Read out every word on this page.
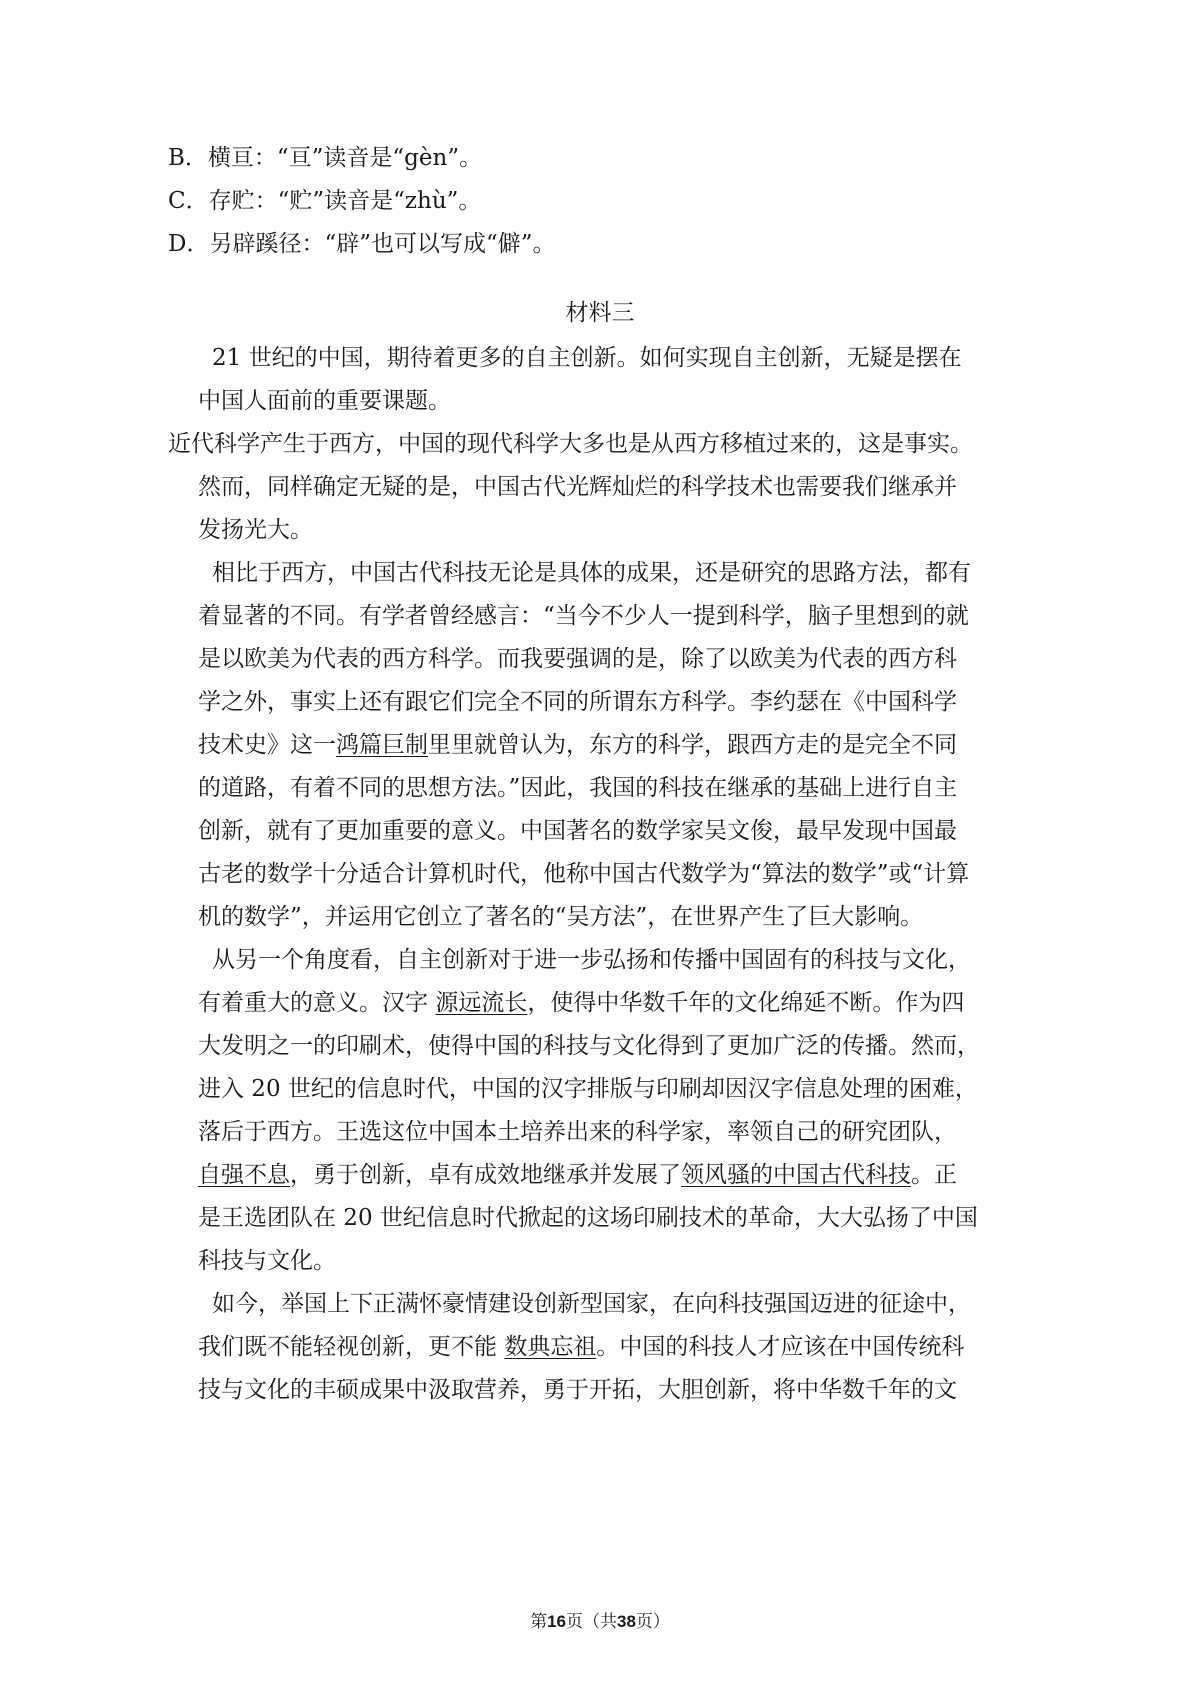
B．横亘：“亘”读音是“gèn”。
C．存贮：“贮”读音是“zhù”。
D．另辟蹊径：“辟”也可以写成“僻”。
材料三
21 世纪的中国，期待着更多的自主创新。如何实现自主创新，无疑是摆在
中国人面前的重要课题。
近代科学产生于西方，中国的现代科学大多也是从西方移植过来的，这是事实。
然而，同样确定无疑的是，中国古代光辉灿烂的科学技术也需要我们继承并
发扬光大。
相比于西方，中国古代科技无论是具体的成果，还是研究的思路方法，都有
着显著的不同。有学者曾经感言：“当今不少人一提到科学，脑子里想到的就
是以欧美为代表的西方科学。而我要强调的是，除了以欧美为代表的西方科
学之外，事实上还有跟它们完全不同的所谓东方科学。李约瑟在《中国科学
技术史》这一鸿篇巨制里里就曾认为，东方的科学，跟西方走的是完全不同
的道路，有着不同的思想方法。”因此，我国的科技在继承的基础上进行自主
创新，就有了更加重要的意义。中国著名的数学家吴文俊，最早发现中国最
古老的数学十分适合计算机时代，他称中国古代数学为“算法的数学”或“计算
机的数学”，并运用它创立了著名的“吴方法”，在世界产生了巨大影响。
从另一个角度看，自主创新对于进一步弘扬和传播中国固有的科技与文化，
有着重大的意义。汉字 源远流长，使得中华数千年的文化绵延不断。作为四
大发明之一的印刷术，使得中国的科技与文化得到了更加广泛的传播。然而，
进入 20 世纪的信息时代，中国的汉字排版与印刷却因汉字信息处理的困难，
落后于西方。王选这位中国本土培养出来的科学家，率领自己的研究团队，
自强不息，勇于创新，卓有成效地继承并发展了领风骚的中国古代科技。正
是王选团队在 20 世纪信息时代掀起的这场印刷技术的革命，大大弘扬了中国
科技与文化。
如今，举国上下正满怀豪情建设创新型国家，在向科技强国迈进的征途中，
我们既不能轻视创新，更不能 数典忘祖。中国的科技人才应该在中国传统科
技与文化的丰硕成果中汲取营养，勇于开拓，大胆创新，将中华数千年的文
第16页（共38页）
